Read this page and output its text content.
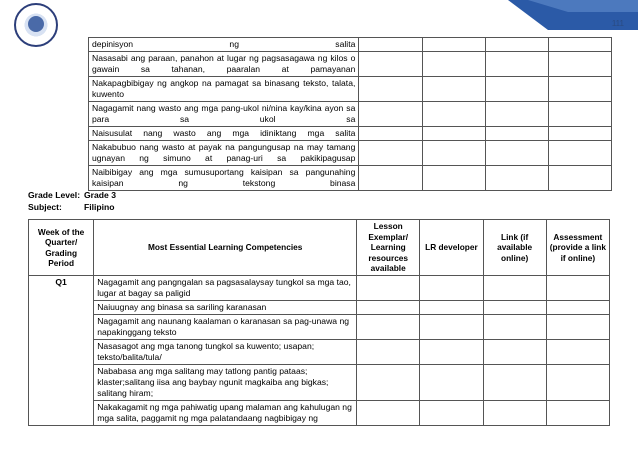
111
depinisyon ng salita				
Nasasabi ang paraan, panahon at lugar ng pagsasagawa ng kilos o gawain sa tahanan, paaralan at pamayanan				
Nakapagbibigay ng angkop na pamagat sa binasang teksto, talata, kuwento				
Nagagamit nang wasto ang mga pang-ukol ni/nina kay/kina ayon sa para sa ukol sa				
Naisusulat nang wasto ang mga idiniktang mga salita				
Nakabubuo nang wasto at payak na pangungusap na may tamang ugnayan ng simuno at panag-uri sa pakikipagusap				
Naibibigay ang mga sumusuportang kaisipan sa pangunahing kaisipan ng tekstong binasa				
Grade Level: Grade 3
Subject:	Filipino
Week of the Quarter/ Grading Period	Most Essential Learning Competencies	Lesson Exemplar/ Learning resources available	LR developer	Link (if available online)	Assessment (provide a link if online)
Q1	Nagagamit ang pangngalan sa pagsasalaysay tungkol sa mga tao, lugar at bagay sa paligid				
	Naiuugnay ang binasa sa sariling karanasan				
	Nagagamit ang naunang kaalaman o karanasan sa pag-unawa ng napakinggang teksto				
	Nasasagot ang mga tanong tungkol sa kuwento; usapan; teksto/balita/tula/				
	Nababasa ang mga salitang may tatlong pantig pataas; klaster;salitang iisa ang baybay ngunit magkaiba ang bigkas; salitang hiram;				
	Nakakagamit ng mga pahiwatig upang malaman ang kahulugan ng mga salita, paggamit ng mga palatandaang nagbibigay ng				
